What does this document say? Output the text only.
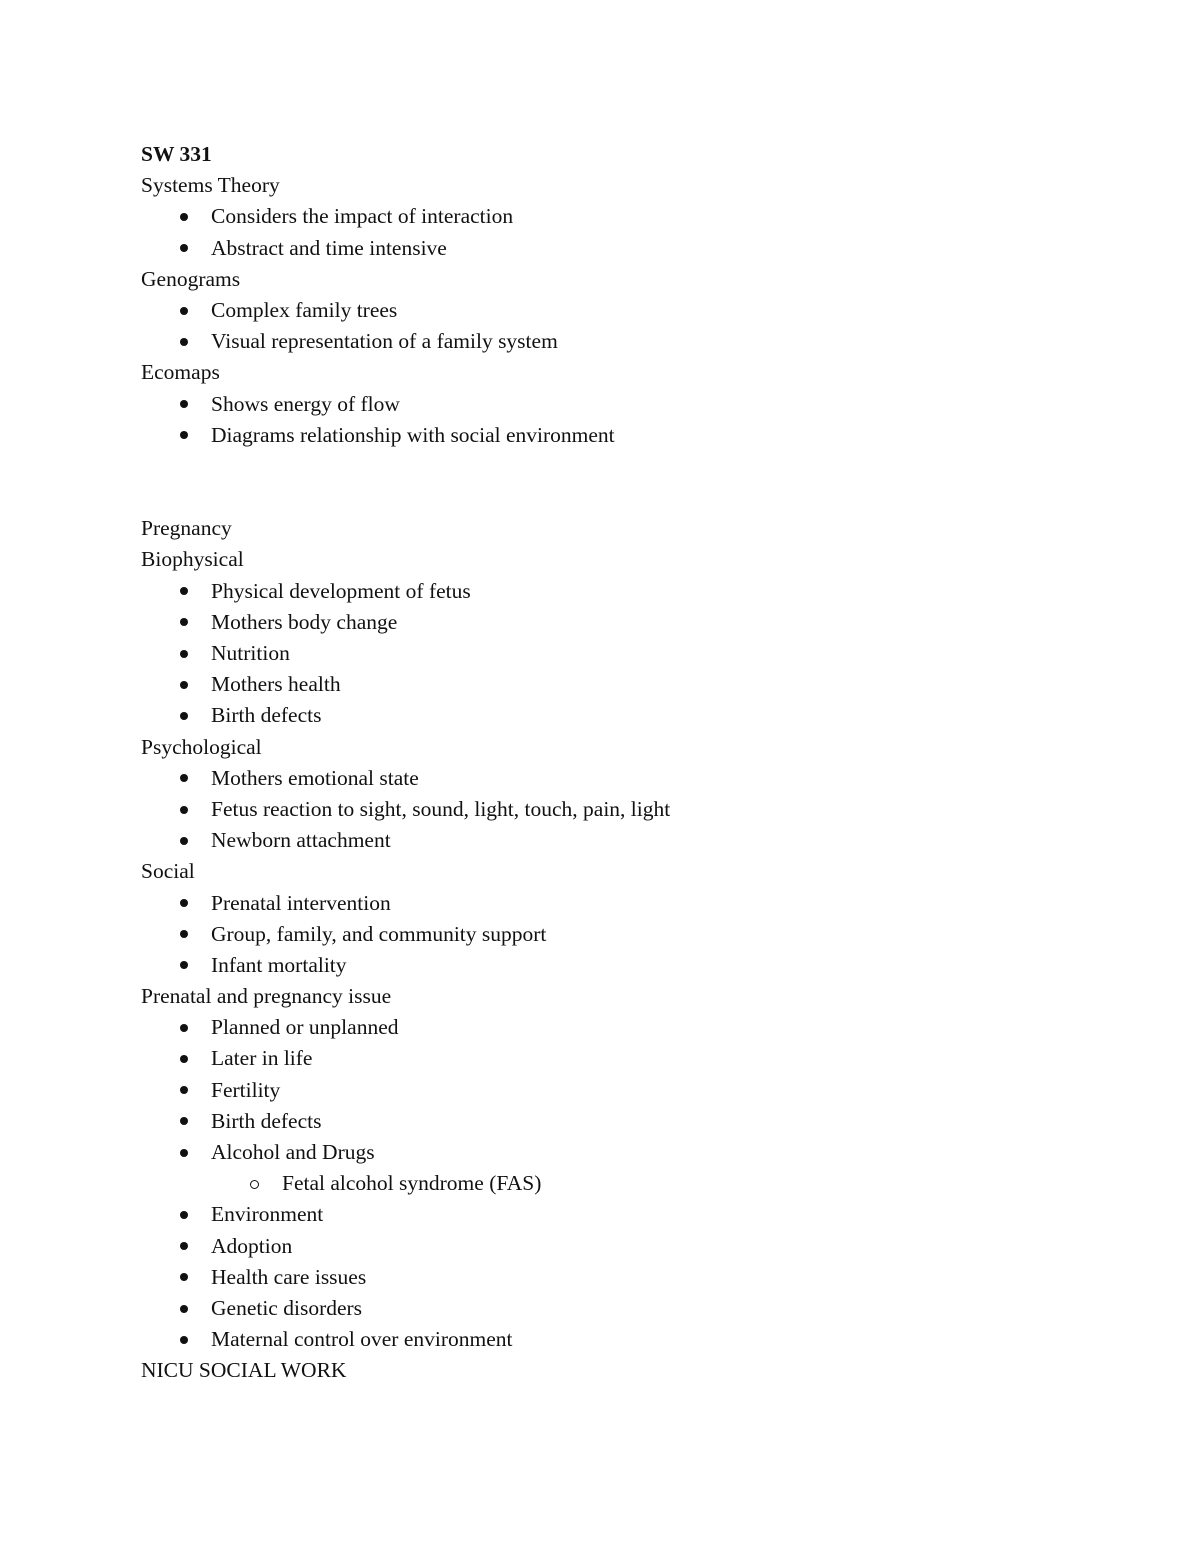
SW 331
Systems Theory
Considers the impact of interaction
Abstract and time intensive
Genograms
Complex family trees
Visual representation of a family system
Ecomaps
Shows energy of flow
Diagrams relationship with social environment
Pregnancy
Biophysical
Physical development of fetus
Mothers body change
Nutrition
Mothers health
Birth defects
Psychological
Mothers emotional state
Fetus reaction to sight, sound, light, touch, pain, light
Newborn attachment
Social
Prenatal intervention
Group, family, and community support
Infant mortality
Prenatal and pregnancy issue
Planned or unplanned
Later in life
Fertility
Birth defects
Alcohol and Drugs
Fetal alcohol syndrome (FAS)
Environment
Adoption
Health care issues
Genetic disorders
Maternal control over environment
NICU SOCIAL WORK
